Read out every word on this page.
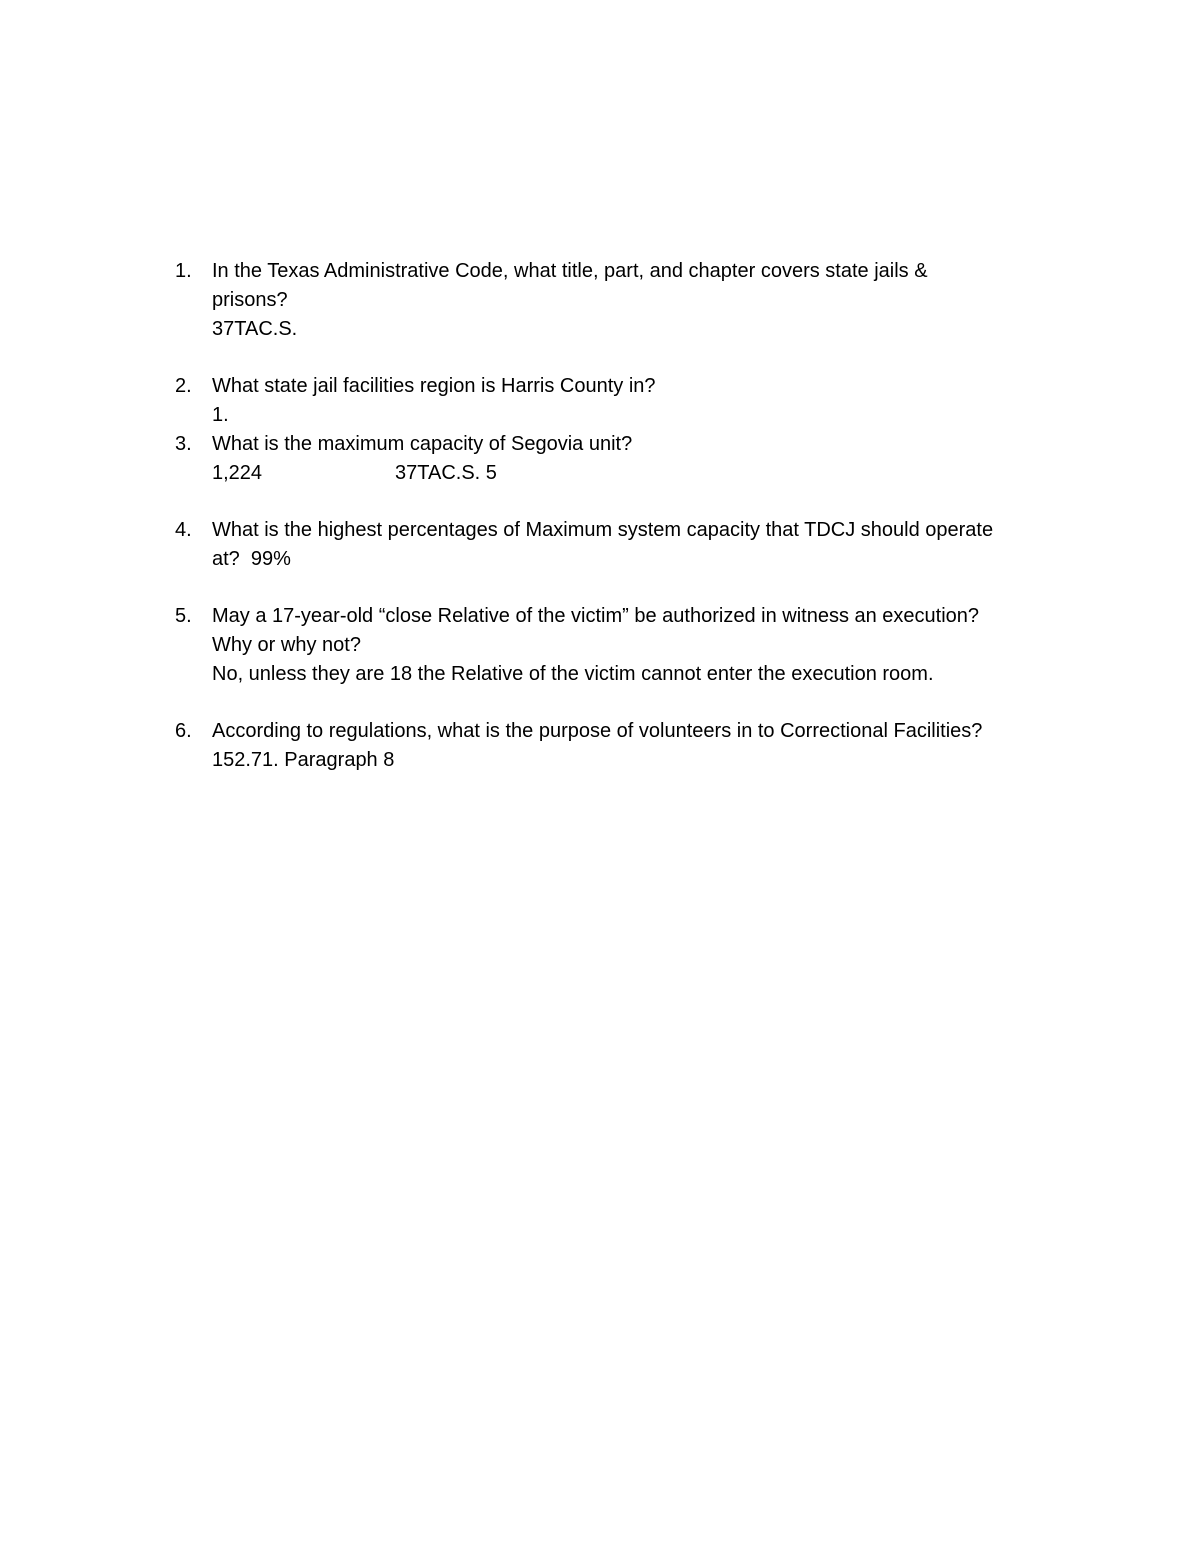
1. In the Texas Administrative Code, what title, part, and chapter covers state jails &
prisons?
37TAC.S.
2. What state jail facilities region is Harris County in?
1.
3. What is the maximum capacity of Segovia unit?
1,224	37TAC.S. 5
4. What is the highest percentages of Maximum system capacity that TDCJ should operate
at?  99%
5. May a 17-year-old “close Relative of the victim” be authorized in witness an execution?
Why or why not?
No, unless they are 18 the Relative of the victim cannot enter the execution room.
6. According to regulations, what is the purpose of volunteers in to Correctional Facilities?
152.71. Paragraph 8
